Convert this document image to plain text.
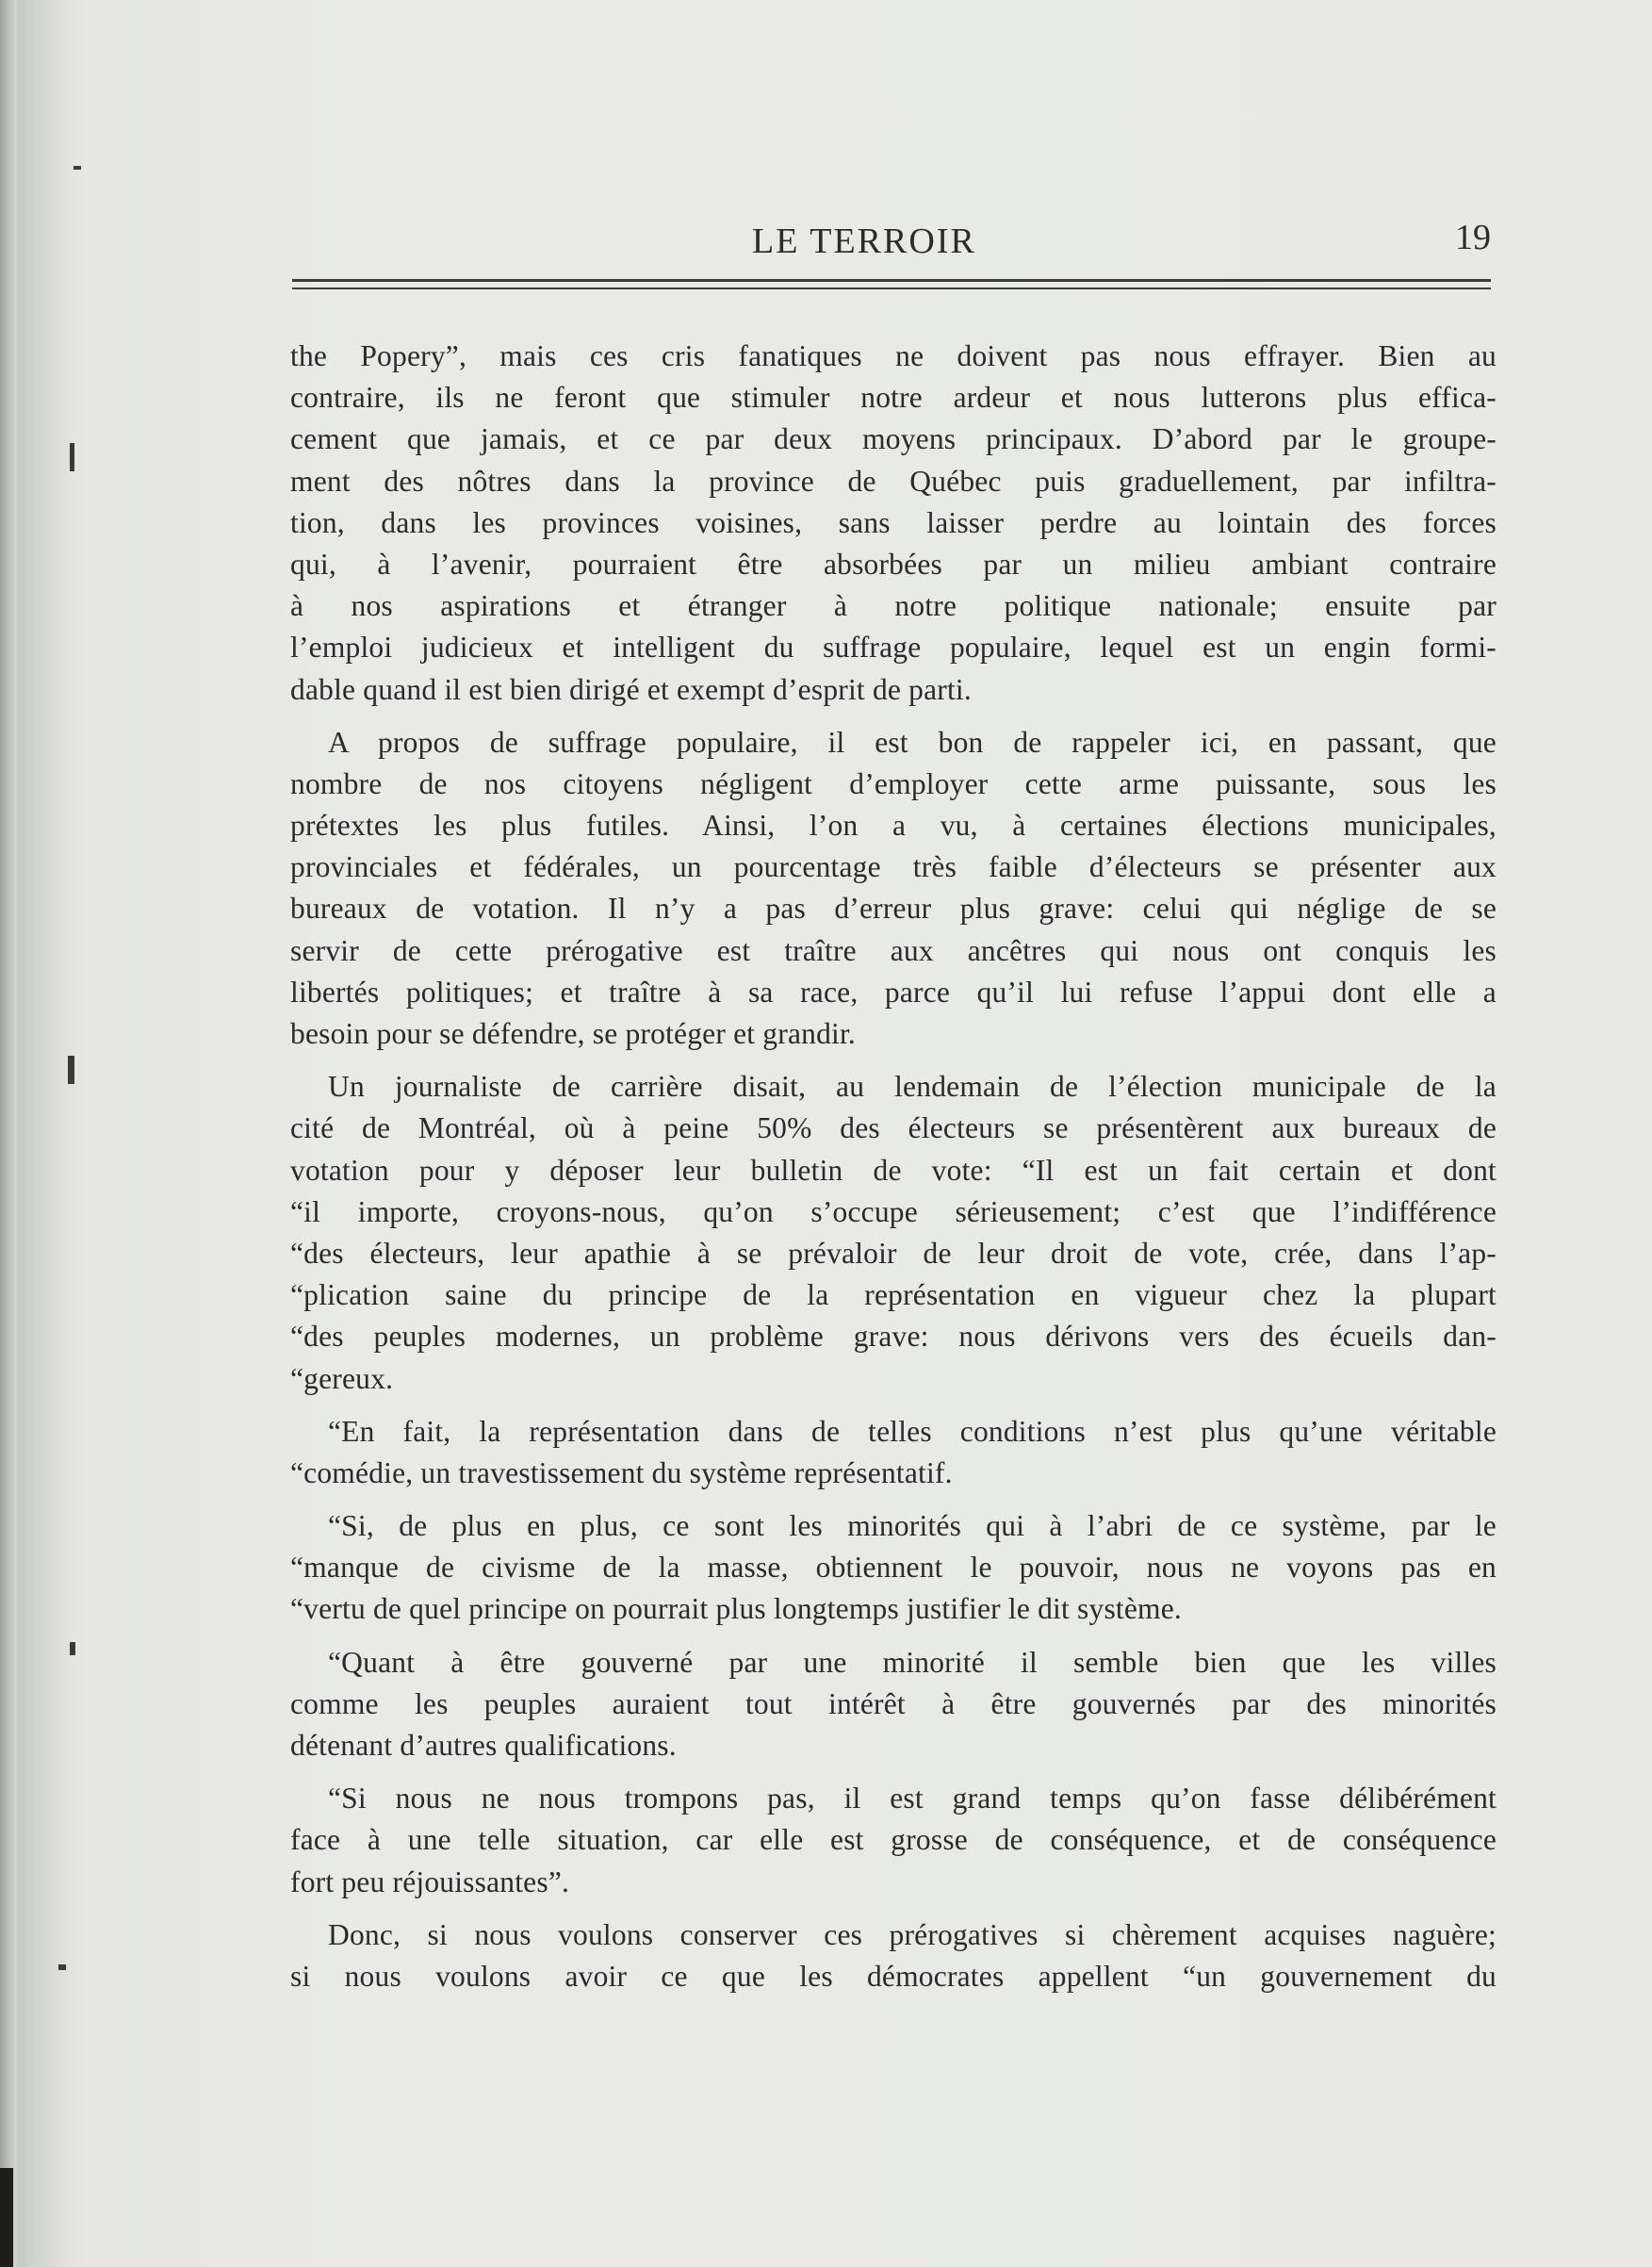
LE TERROIR	19
the Popery”, mais ces cris fanatiques ne doivent pas nous effrayer. Bien au
contraire, ils ne feront que stimuler notre ardeur et nous lutterons plus effica-
cement que jamais, et ce par deux moyens principaux. D’abord par le groupe-
ment des nôtres dans la province de Québec puis graduellement, par infiltra-
tion, dans les provinces voisines, sans laisser perdre au lointain des forces
qui, à l’avenir, pourraient être absorbées par un milieu ambiant contraire
à nos aspirations et étranger à notre politique nationale; ensuite par
l’emploi judicieux et intelligent du suffrage populaire, lequel est un engin formi-
dable quand il est bien dirigé et exempt d’esprit de parti.
A propos de suffrage populaire, il est bon de rappeler ici, en passant, que
nombre de nos citoyens négligent d’employer cette arme puissante, sous les
prétextes les plus futiles. Ainsi, l’on a vu, à certaines élections municipales,
provinciales et fédérales, un pourcentage très faible d’électeurs se présenter aux
bureaux de votation. Il n’y a pas d’erreur plus grave: celui qui néglige de se
servir de cette prérogative est traître aux ancêtres qui nous ont conquis les
libertés politiques; et traître à sa race, parce qu’il lui refuse l’appui dont elle a
besoin pour se défendre, se protéger et grandir.
Un journaliste de carrière disait, au lendemain de l’élection municipale de la
cité de Montréal, où à peine 50% des électeurs se présentèrent aux bureaux de
votation pour y déposer leur bulletin de vote: “Il est un fait certain et dont
“il importe, croyons-nous, qu’on s’occupe sérieusement; c’est que l’indifférence
“des électeurs, leur apathie à se prévaloir de leur droit de vote, crée, dans l’ap-
“plication saine du principe de la représentation en vigueur chez la plupart
“des peuples modernes, un problème grave: nous dérivons vers des écueils dan-
“gereux.
“En fait, la représentation dans de telles conditions n’est plus qu’une véritable
“comédie, un travestissement du système représentatif.
“Si, de plus en plus, ce sont les minorités qui à l’abri de ce système, par le
“manque de civisme de la masse, obtiennent le pouvoir, nous ne voyons pas en
“vertu de quel principe on pourrait plus longtemps justifier le dit système.
“Quant à être gouverné par une minorité il semble bien que les villes
comme les peuples auraient tout intérêt à être gouvernés par des minorités
détenant d’autres qualifications.
“Si nous ne nous trompons pas, il est grand temps qu’on fasse délibérément
face à une telle situation, car elle est grosse de conséquence, et de conséquence
fort peu réjouissantes”.
Donc, si nous voulons conserver ces prérogatives si chèrement acquises naguère;
si nous voulons avoir ce que les démocrates appellent “un gouvernement du
